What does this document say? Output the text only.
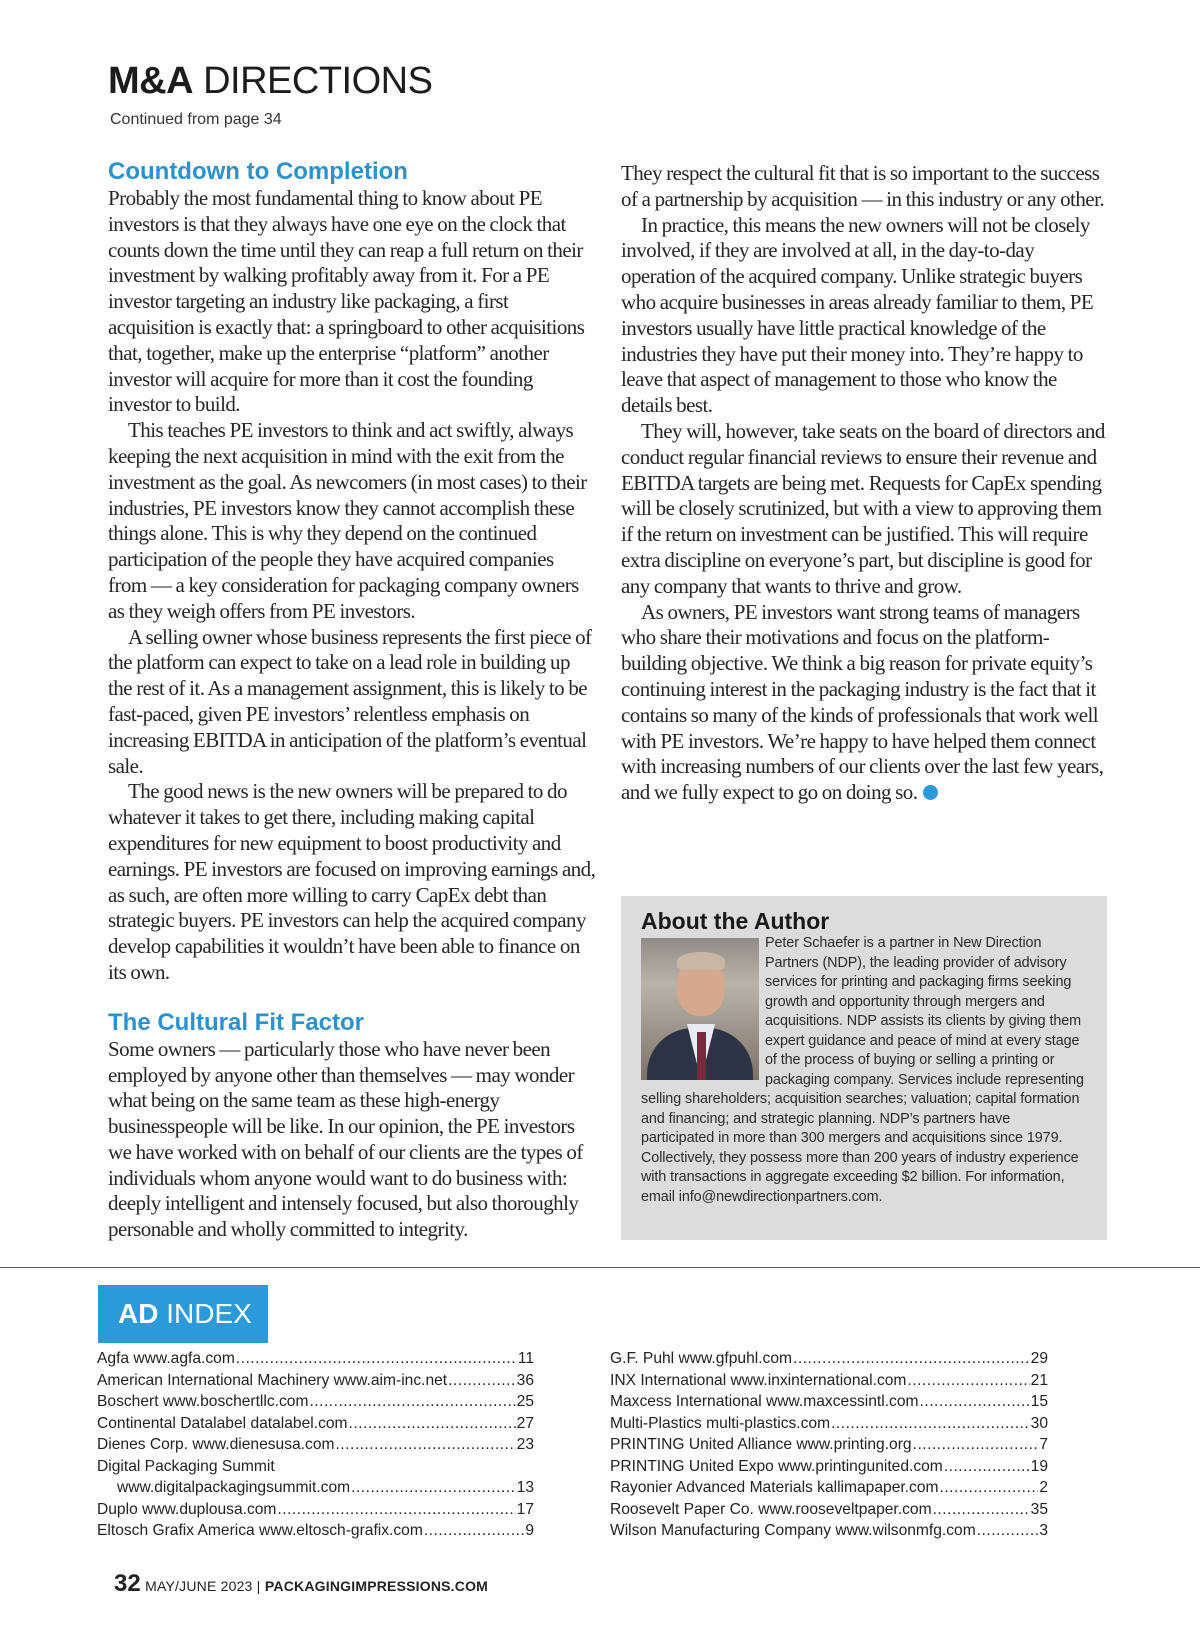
M&A DIRECTIONS
Continued from page 34
Countdown to Completion

Probably the most fundamental thing to know about PE investors is that they always have one eye on the clock that counts down the time until they can reap a full return on their investment by walking profitably away from it. For a PE investor targeting an industry like packaging, a first acquisition is exactly that: a springboard to other acquisitions that, together, make up the enterprise “platform” another investor will acquire for more than it cost the founding investor to build.

This teaches PE investors to think and act swiftly, always keeping the next acquisition in mind with the exit from the investment as the goal. As newcomers (in most cases) to their industries, PE investors know they cannot accomplish these things alone. This is why they depend on the continued participation of the people they have acquired companies from — a key consideration for packaging company owners as they weigh offers from PE investors.

A selling owner whose business represents the first piece of the platform can expect to take on a lead role in building up the rest of it. As a management assignment, this is likely to be fast-paced, given PE investors’ relentless emphasis on increasing EBITDA in anticipation of the platform’s eventual sale.

The good news is the new owners will be prepared to do whatever it takes to get there, including making capital expenditures for new equipment to boost productivity and earnings. PE investors are focused on improving earnings and, as such, are often more willing to carry CapEx debt than strategic buyers. PE investors can help the acquired company develop capabilities it wouldn’t have been able to finance on its own.

The Cultural Fit Factor

Some owners — particularly those who have never been employed by anyone other than themselves — may wonder what being on the same team as these high-energy businesspeople will be like. In our opinion, the PE investors we have worked with on behalf of our clients are the types of individuals whom anyone would want to do business with: deeply intelligent and intensely focused, but also thoroughly personable and wholly committed to integrity.

They respect the cultural fit that is so important to the success of a partnership by acquisition — in this industry or any other.

In practice, this means the new owners will not be closely involved, if they are involved at all, in the day-to-day operation of the acquired company. Unlike strategic buyers who acquire businesses in areas already familiar to them, PE investors usually have little practical knowledge of the industries they have put their money into. They’re happy to leave that aspect of management to those who know the details best.

They will, however, take seats on the board of directors and conduct regular financial reviews to ensure their revenue and EBITDA targets are being met. Requests for CapEx spending will be closely scrutinized, but with a view to approving them if the return on investment can be justified. This will require extra discipline on everyone’s part, but discipline is good for any company that wants to thrive and grow.

As owners, PE investors want strong teams of managers who share their motivations and focus on the platform-building objective. We think a big reason for private equity’s continuing interest in the packaging industry is the fact that it contains so many of the kinds of professionals that work well with PE investors. We’re happy to have helped them connect with increasing numbers of our clients over the last few years, and we fully expect to go on doing so.

About the Author
Peter Schaefer is a partner in New Direction Partners (NDP), the leading provider of advisory services for printing and packaging firms seeking growth and opportunity through mergers and acquisitions. NDP assists its clients by giving them expert guidance and peace of mind at every stage of the process of buying or selling a printing or packaging company. Services include representing selling shareholders; acquisition searches; valuation; capital formation and financing; and strategic planning. NDP’s partners have participated in more than 300 mergers and acquisitions since 1979. Collectively, they possess more than 200 years of industry experience with transactions in aggregate exceeding $2 billion. For information, email info@newdirectionpartners.com.
AD INDEX
Agfa www.agfa.com .....	11
American International Machinery www.aim-inc.net .....	36
Boschert www.boschertllc.com .....	25
Continental Datalabel datalabel.com .....	27
Dienes Corp. www.dienesusa.com .....	23
Digital Packaging Summit
www.digitalpackagingsummit.com .....	13
Duplo www.duplousa.com .....	17
Eltosch Grafix America www.eltosch-grafix.com .....	9
G.F. Puhl www.gfpuhl.com .....	29
INX International www.inxinternational.com .....	21
Maxcess International www.maxcessintl.com .....	15
Multi-Plastics multi-plastics.com .....	30
PRINTING United Alliance www.printing.org .....	7
PRINTING United Expo www.printingunited.com .....	19
Rayonier Advanced Materials kallimapaper.com .....	2
Roosevelt Paper Co. www.rooseveltpaper.com .....	35
Wilson Manufacturing Company www.wilsonmfg.com .....	3
32 MAY/JUNE 2023 | PACKAGINGIMPRESSIONS.COM
